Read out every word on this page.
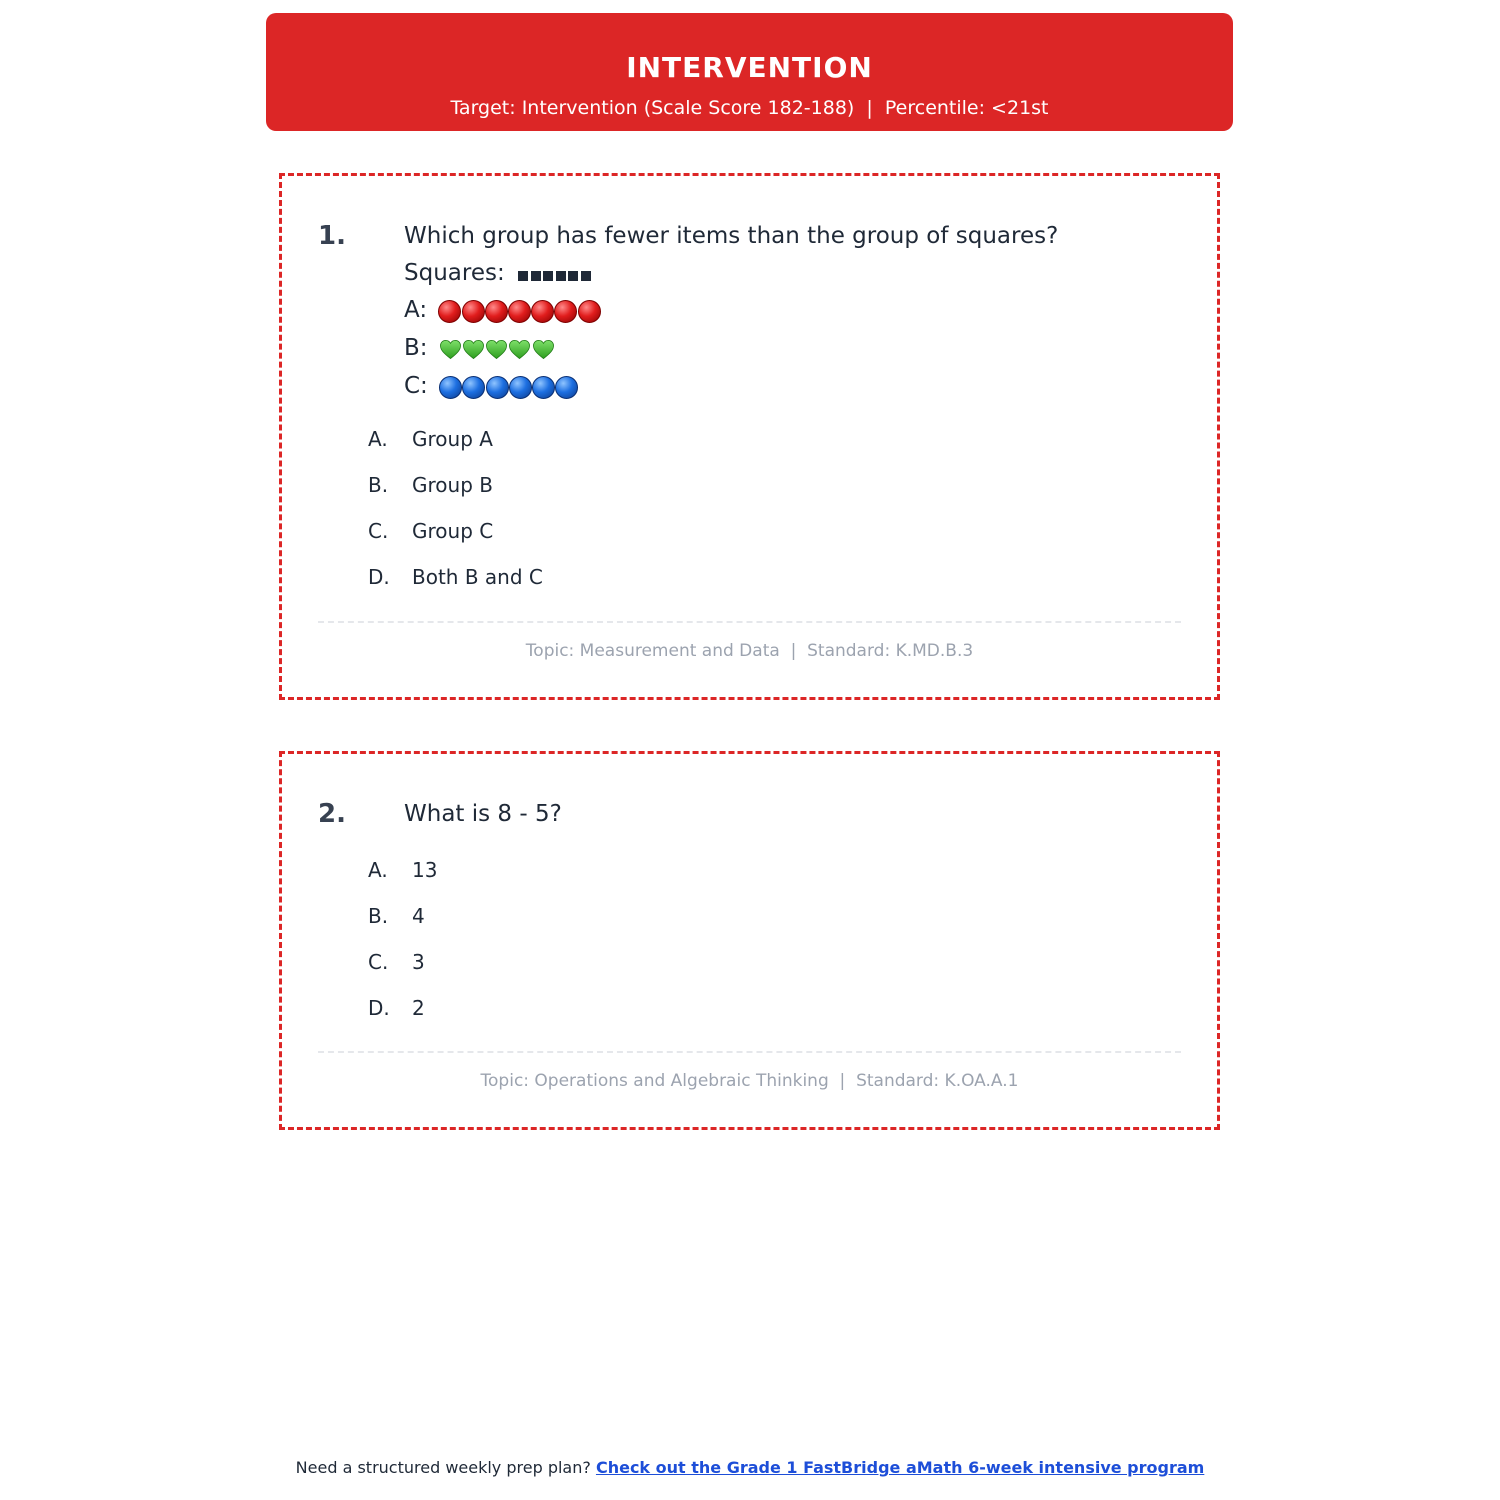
INTERVENTION
Target: Intervention (Scale Score 182-188)  |  Percentile: <21st
1.	Which group has fewer items than the group of squares?
Squares:
A:
B:
C:
A. Group A
B. Group B
C. Group C
D. Both B and C
Topic: Measurement and Data  |  Standard: K.MD.B.3
2.	What is 8 - 5?
A. 13
B. 4
C. 3
D. 2
Topic: Operations and Algebraic Thinking  |  Standard: K.OA.A.1
Need a structured weekly prep plan? Check out the Grade 1 FastBridge aMath 6-week intensive program
